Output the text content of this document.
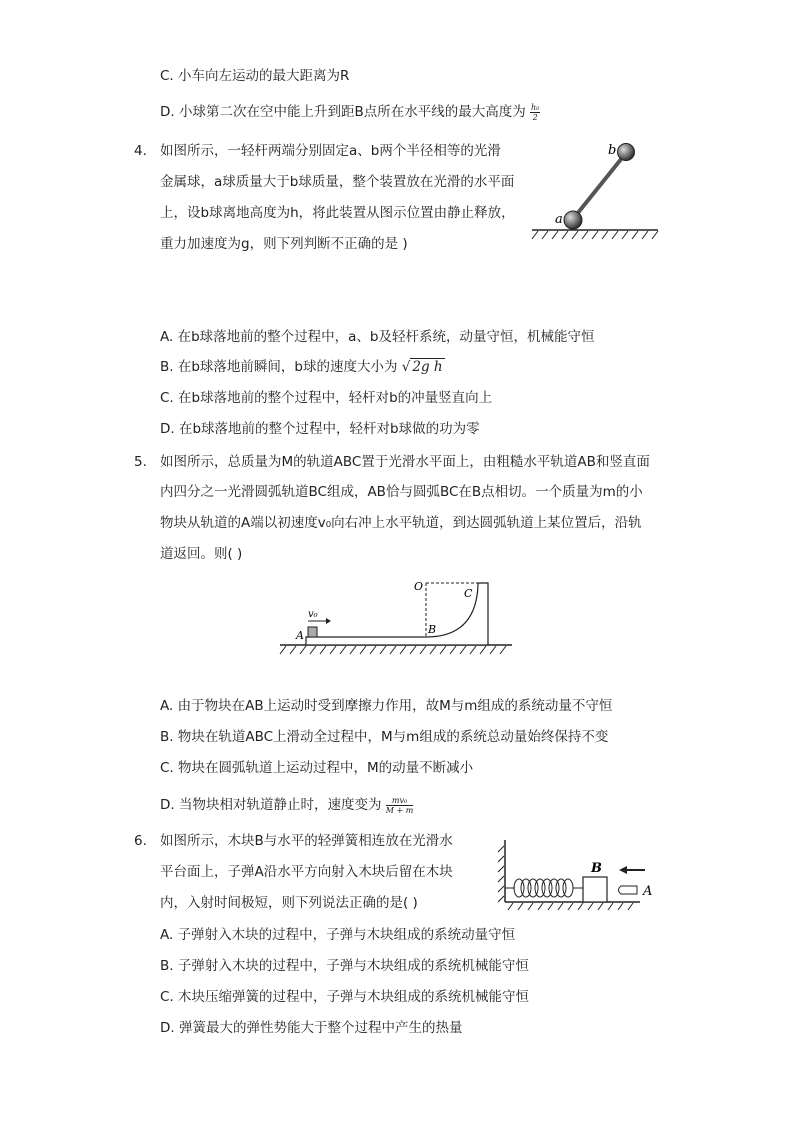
C. 小车向左运动的最大距离为R
D. 小球第二次在空中能上升到距B点所在水平线的最大高度为 $\frac{\text{h₀}}{2}$
4. 如图所示，一轻杆两端分别固定a、b两个半径相等的光滑
金属球，a球质量大于b球质量，整个装置放在光滑的水平面
上，设b球离地高度为h，将此装置从图示位置由静止释放，
重力加速度为g，则下列判断不正确的是 )
a
b
A. 在b球落地前的整个过程中，a、b及轻杆系统，动量守恒，机械能守恒
B. 在b球落地前瞬间，b球的速度大小为 √ 2g h
C. 在b球落地前的整个过程中，轻杆对b的冲量竖直向上
D. 在b球落地前的整个过程中，轻杆对b球做的功为零
5. 如图所示，总质量为M的轨道ABC置于光滑水平面上，由粗糙水平轨道AB和竖直面
内四分之一光滑圆弧轨道BC组成，AB恰与圆弧BC在B点相切。一个质量为m的小
物块从轨道的A端以初速度v₀向右冲上水平轨道，到达圆弧轨道上某位置后，沿轨
道返回。则( )
v₀
A	B
O
C
A. 由于物块在AB上运动时受到摩擦力作用，故M与m组成的系统动量不守恒
B. 物块在轨道ABC上滑动全过程中，M与m组成的系统总动量始终保持不变
C. 物块在圆弧轨道上运动过程中，M的动量不断减小
D. 当物块相对轨道静止时，速度变为 $\frac{\text{mv₀}}{M + m}$
6. 如图所示，木块B与水平的轻弹簧相连放在光滑水
平台面上，子弹A沿水平方向射入木块后留在木块
内，入射时间极短，则下列说法正确的是( )
B
A
A. 子弹射入木块的过程中，子弹与木块组成的系统动量守恒
B. 子弹射入木块的过程中，子弹与木块组成的系统机械能守恒
C. 木块压缩弹簧的过程中，子弹与木块组成的系统机械能守恒
D. 弹簧最大的弹性势能大于整个过程中产生的热量
